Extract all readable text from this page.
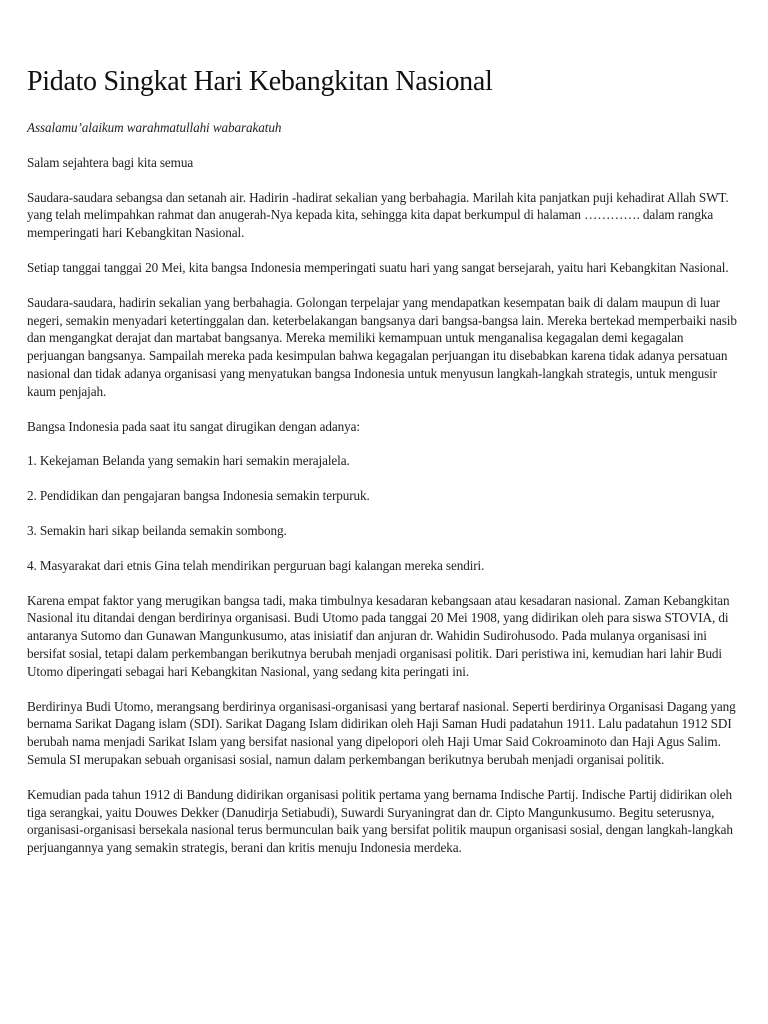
Pidato Singkat Hari Kebangkitan Nasional

Assalamu’alaikum warahmatullahi wabarakatuh

Salam sejahtera bagi kita semua

Saudara-saudara sebangsa dan setanah air. Hadirin -hadirat sekalian yang berbahagia. Marilah kita panjatkan puji kehadirat Allah SWT. yang telah melimpahkan rahmat dan anugerah-Nya kepada kita, sehingga kita dapat berkumpul di halaman …………. dalam rangka memperingati hari Kebangkitan Nasional.

Setiap tanggai tanggai 20 Mei, kita bangsa Indonesia memperingati suatu hari yang sangat bersejarah, yaitu hari Kebangkitan Nasional.

Saudara-saudara, hadirin sekalian yang berbahagia. Golongan terpelajar yang mendapatkan kesempatan baik di dalam maupun di luar negeri, semakin menyadari ketertinggalan dan. keterbelakangan bangsanya dari bangsa-bangsa lain. Mereka bertekad memperbaiki nasib dan mengangkat derajat dan martabat bangsanya. Mereka memiliki kemampuan untuk menganalisa kegagalan demi kegagalan perjuangan bangsanya. Sampailah mereka pada kesimpulan bahwa kegagalan perjuangan itu disebabkan karena tidak adanya persatuan nasional dan tidak adanya organisasi yang menyatukan bangsa Indonesia untuk menyusun langkah-langkah strategis, untuk mengusir kaum penjajah.

Bangsa Indonesia pada saat itu sangat dirugikan dengan adanya:

1. Kekejaman Belanda yang semakin hari semakin merajalela.

2. Pendidikan dan pengajaran bangsa Indonesia semakin terpuruk.

3. Semakin hari sikap beilanda semakin sombong.

4. Masyarakat dari etnis Gina telah mendirikan perguruan bagi kalangan mereka sendiri.

Karena empat faktor yang merugikan bangsa tadi, maka timbulnya kesadaran kebangsaan atau kesadaran nasional. Zaman Kebangkitan Nasional itu ditandai dengan berdirinya organisasi. Budi Utomo pada tanggai 20 Mei 1908, yang didirikan oleh para siswa STOVIA, di antaranya Sutomo dan Gunawan Mangunkusumo, atas inisiatif dan anjuran dr. Wahidin Sudirohusodo. Pada mulanya organisasi ini bersifat sosial, tetapi dalam perkembangan berikutnya berubah menjadi organisasi politik. Dari peristiwa ini, kemudian hari lahir Budi Utomo diperingati sebagai hari Kebangkitan Nasional, yang sedang kita peringati ini.

Berdirinya Budi Utomo, merangsang berdirinya organisasi-organisasi yang bertaraf nasional. Seperti berdirinya Organisasi Dagang yang bernama Sarikat Dagang islam (SDI). Sarikat Dagang Islam didirikan oleh Haji Saman Hudi padatahun 1911. Lalu padatahun 1912 SDI berubah nama menjadi Sarikat Islam yang bersifat nasional yang dipelopori oleh Haji Umar Said Cokroaminoto dan Haji Agus Salim. Semula SI merupakan sebuah organisasi sosial, namun dalam perkembangan berikutnya berubah menjadi organisai politik.

Kemudian pada tahun 1912 di Bandung didirikan organisasi politik pertama yang bernama Indische Partij. Indische Partij didirikan oleh tiga serangkai, yaitu Douwes Dekker (Danudirja Setiabudi), Suwardi Suryaningrat dan dr. Cipto Mangunkusumo. Begitu seterusnya, organisasi-organisasi bersekala nasional terus bermunculan baik yang bersifat politik maupun organisasi sosial, dengan langkah-langkah perjuangannya yang semakin strategis, berani dan kritis menuju Indonesia merdeka.
